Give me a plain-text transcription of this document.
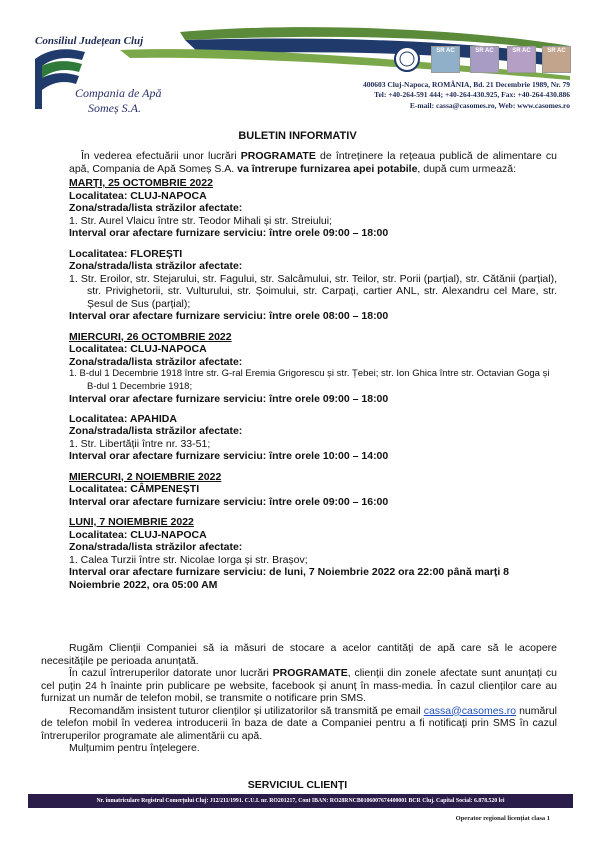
Consiliul Județean Cluj
Compania de Apă
Someș S.A.
SR AC	SR AC	SR AC	SR AC
400603 Cluj-Napoca, ROMÂNIA, Bd. 21 Decembrie 1989, Nr. 79
Tel: +40-264-591 444; +40-264-430.925, Fax: +40-264-430.886
E-mail: cassa@casomes.ro, Web: www.casomes.ro
BULETIN INFORMATIV

În vederea efectuării unor lucrări PROGRAMATE de întreținere la rețeaua publică de alimentare cu apă, Compania de Apă Someș S.A. va întrerupe furnizarea apei potabile, după cum urmează:

MARȚI, 25 OCTOMBRIE 2022

Localitatea: CLUJ-NAPOCA

Zona/strada/lista străzilor afectate:

1. Str. Aurel Vlaicu între str. Teodor Mihali și str. Streiului;

Interval orar afectare furnizare serviciu: între orele 09:00 – 18:00

Localitatea: FLOREȘTI

Zona/strada/lista străzilor afectate:

1. Str. Eroilor, str. Stejarului, str. Fagului, str. Salcâmului, str. Teilor, str. Porii (parțial), str. Cătănii (parțial), str. Privighetorii, str. Vulturului, str. Șoimului, str. Carpați, cartier ANL, str. Alexandru cel Mare, str. Șesul de Sus (parțial);

Interval orar afectare furnizare serviciu: între orele 08:00 – 18:00

MIERCURI, 26 OCTOMBRIE 2022

Localitatea: CLUJ-NAPOCA

Zona/strada/lista străzilor afectate:

1. B-dul 1 Decembrie 1918 între str. G-ral Eremia Grigorescu și str. Țebei; str. Ion Ghica între str. Octavian Goga și B-dul 1 Decembrie 1918;

Interval orar afectare furnizare serviciu: între orele 09:00 – 18:00

Localitatea: APAHIDA

Zona/strada/lista străzilor afectate:

1. Str. Libertății între nr. 33-51;

Interval orar afectare furnizare serviciu: între orele 10:00 – 14:00

MIERCURI, 2 NOIEMBRIE 2022

Localitatea: CÂMPENEȘTI

Interval orar afectare furnizare serviciu: între orele 09:00 – 16:00

LUNI, 7 NOIEMBRIE 2022

Localitatea: CLUJ-NAPOCA

Zona/strada/lista străzilor afectate:

1. Calea Turzii între str. Nicolae Iorga și str. Brașov;

Interval orar afectare furnizare serviciu: de luni, 7 Noiembrie 2022 ora 22:00 până marți 8 Noiembrie 2022, ora 05:00 AM

Rugăm Clienții Companiei să ia măsuri de stocare a acelor cantități de apă care să le acopere necesitățile pe perioada anunțată.

În cazul întreruperilor datorate unor lucrări PROGRAMATE, clienții din zonele afectate sunt anunțați cu cel puțin 24 h înainte prin publicare pe website, facebook și anunț în mass-media. În cazul clienților care au furnizat un număr de telefon mobil, se transmite o notificare prin SMS.

Recomandăm insistent tuturor clienților și utilizatorilor să transmită pe email cassa@casomes.ro numărul de telefon mobil în vederea introducerii în baza de date a Companiei pentru a fi notificați prin SMS în cazul întreruperilor programate ale alimentării cu apă.

Mulțumim pentru înțelegere.

SERVICIUL CLIENȚI
Nr. înmatriculare Registrul Comerțului Cluj: J12/211/1991. C.U.I. nr. RO201217, Cont IBAN: RO28RNCB0106007674400001 BCR Cluj. Capital Social: 6.878.520 lei
Operator regional licențiat clasa 1
